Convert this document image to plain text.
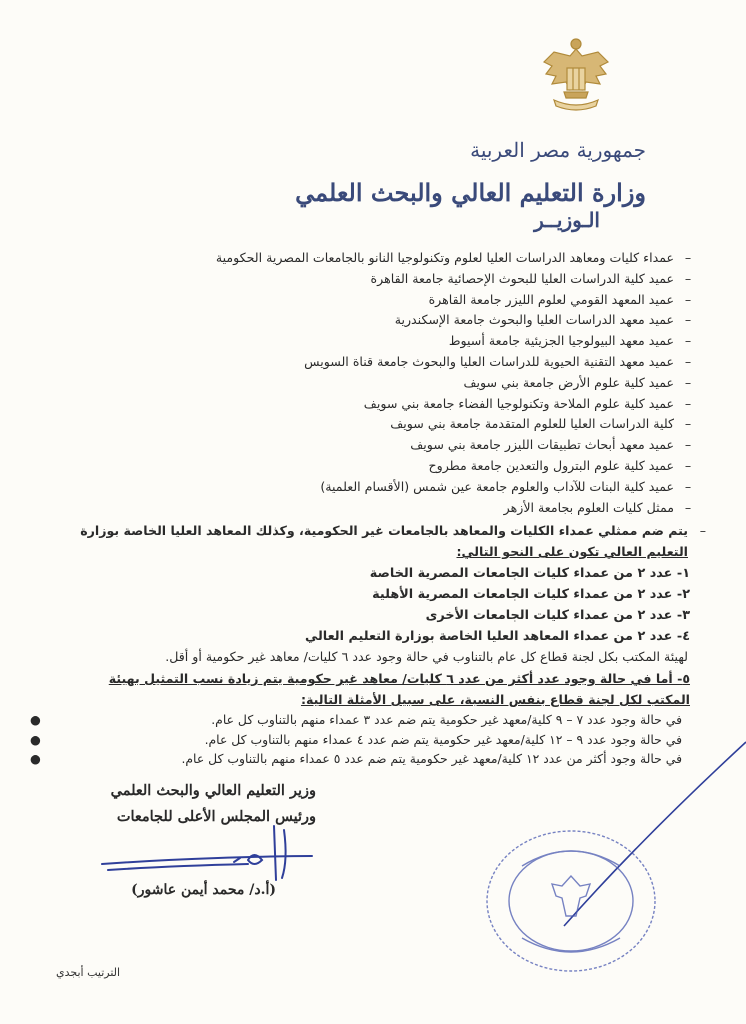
جمهورية مصر العربية
وزارة التعليم العالي والبحث العلمي
الـوزيــر
–
عمداء كليات ومعاهد الدراسات العليا لعلوم وتكنولوجيا النانو بالجامعات المصرية الحكومية
–
عميد كلية الدراسات العليا للبحوث الإحصائية جامعة القاهرة
–
عميد المعهد القومي لعلوم الليزر جامعة القاهرة
–
عميد معهد الدراسات العليا والبحوث جامعة الإسكندرية
–
عميد معهد البيولوجيا الجزيئية جامعة أسيوط
–
عميد معهد التقنية الحيوية للدراسات العليا والبحوث جامعة قناة السويس
–
عميد كلية علوم الأرض جامعة بني سويف
–
عميد كلية علوم الملاحة وتكنولوجيا الفضاء جامعة بني سويف
–
كلية الدراسات العليا للعلوم المتقدمة جامعة بني سويف
–
عميد معهد أبحاث تطبيقات الليزر جامعة بني سويف
–
عميد كلية علوم البترول والتعدين جامعة مطروح
–
عميد كلية البنات للآداب والعلوم جامعة عين شمس (الأقسام العلمية)
–
ممثل كليات العلوم بجامعة الأزهر
–
يتم ضم ممثلي عمداء الكليات والمعاهد بالجامعات غير الحكومية، وكذلك المعاهد العليا الخاصة بوزارة
التعليم العالي تكون على النحو التالي:
١- عدد ٢ من عمداء كليات الجامعات المصرية الخاصة
٢- عدد ٢ من عمداء كليات الجامعات المصرية الأهلية
٣- عدد ٢ من عمداء كليات الجامعات الأخرى
٤- عدد ٢ من عمداء المعاهد العليا الخاصة بوزارة التعليم العالي
لهيئة المكتب بكل لجنة قطاع كل عام بالتناوب في حالة وجود عدد ٦ كليات/ معاهد غير حكومية أو أقل.
٥- أما في حالة وجود عدد أكثر من عدد ٦ كليات/ معاهد غير حكومية يتم زيادة نسب التمثيل بهيئة
المكتب لكل لجنة قطاع بنفس النسبة، على سبيل الأمثلة التالية:
في حالة وجود عدد ٧ – ٩ كلية/معهد غير حكومية يتم ضم عدد ٣ عمداء منهم بالتناوب كل عام.
●
في حالة وجود عدد ٩ – ١٢ كلية/معهد غير حكومية يتم ضم عدد ٤ عمداء منهم بالتناوب كل عام.
●
في حالة وجود أكثر من عدد ١٢ كلية/معهد غير حكومية يتم ضم عدد ٥ عمداء منهم بالتناوب كل عام.
●
وزير التعليم العالي والبحث العلمي
ورئيس المجلس الأعلى للجامعات
(أ.د/ محمد أيمن عاشور)
الترتيب أبجدي
